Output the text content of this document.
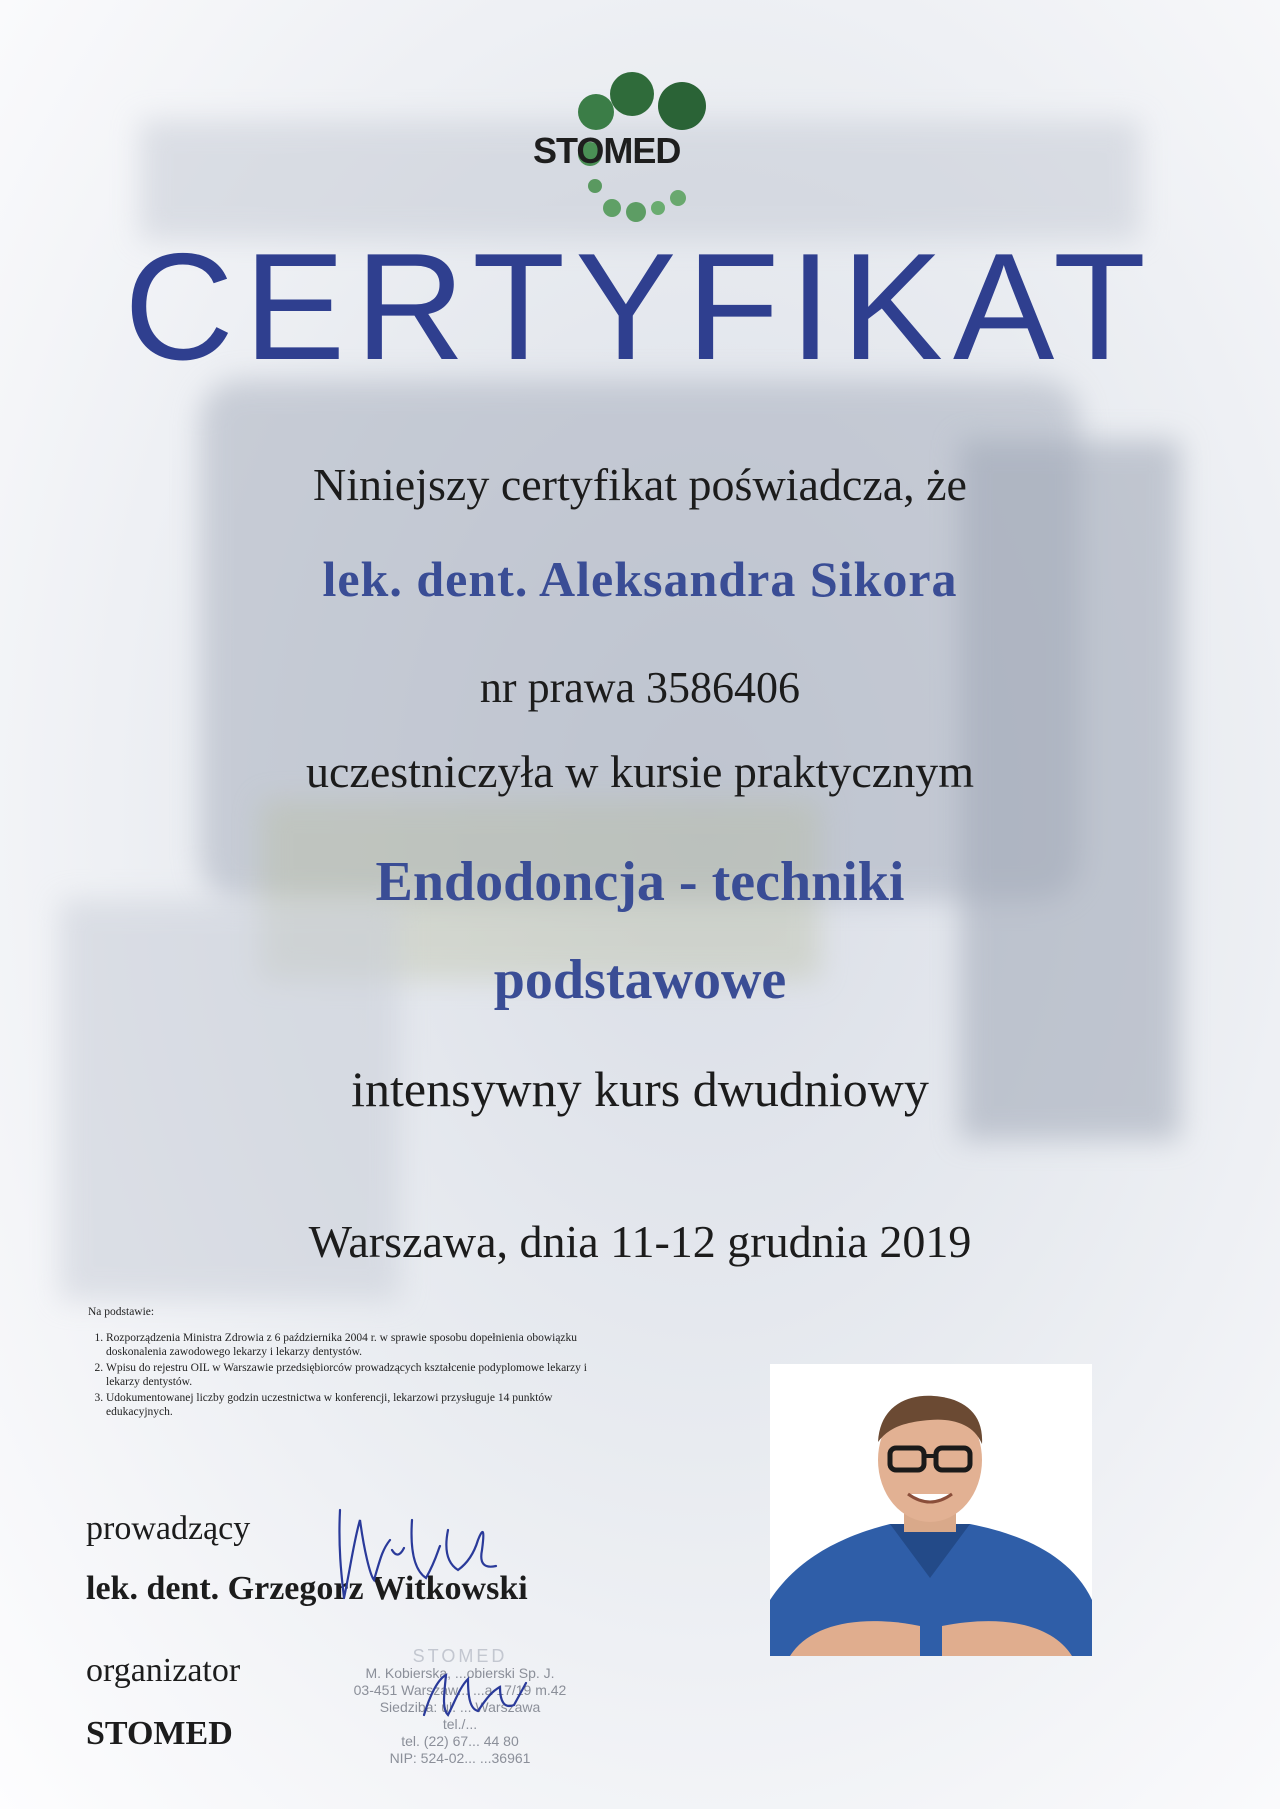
STOMED
CERTYFIKAT
Niniejszy certyfikat poświadcza, że
lek. dent. Aleksandra Sikora
nr prawa 3586406
uczestniczyła w kursie praktycznym
Endodoncja - techniki
podstawowe
intensywny kurs dwudniowy
Warszawa, dnia 11-12 grudnia 2019
Na podstawie:
1. Rozporządzenia Ministra Zdrowia z 6 października 2004 r. w sprawie sposobu dopełnienia obowiązku doskonalenia zawodowego lekarzy i lekarzy dentystów.
2. Wpisu do rejestru OIL w Warszawie przedsiębiorców prowadzących kształcenie podyplomowe lekarzy i lekarzy dentystów.
3. Udokumentowanej liczby godzin uczestnictwa w konferencji, lekarzowi przysługuje 14 punktów edukacyjnych.
prowadzący
lek. dent. Grzegorz Witkowski
organizator
STOMED
STOMED
M. Kobierska, ...obierski Sp. J.
03-451 Warszaw... ...a 17/19 m.42
Siedziba: ul. ... Warszawa
tel./...
tel. (22) 67... 44 80
NIP: 524-02... ...36961
